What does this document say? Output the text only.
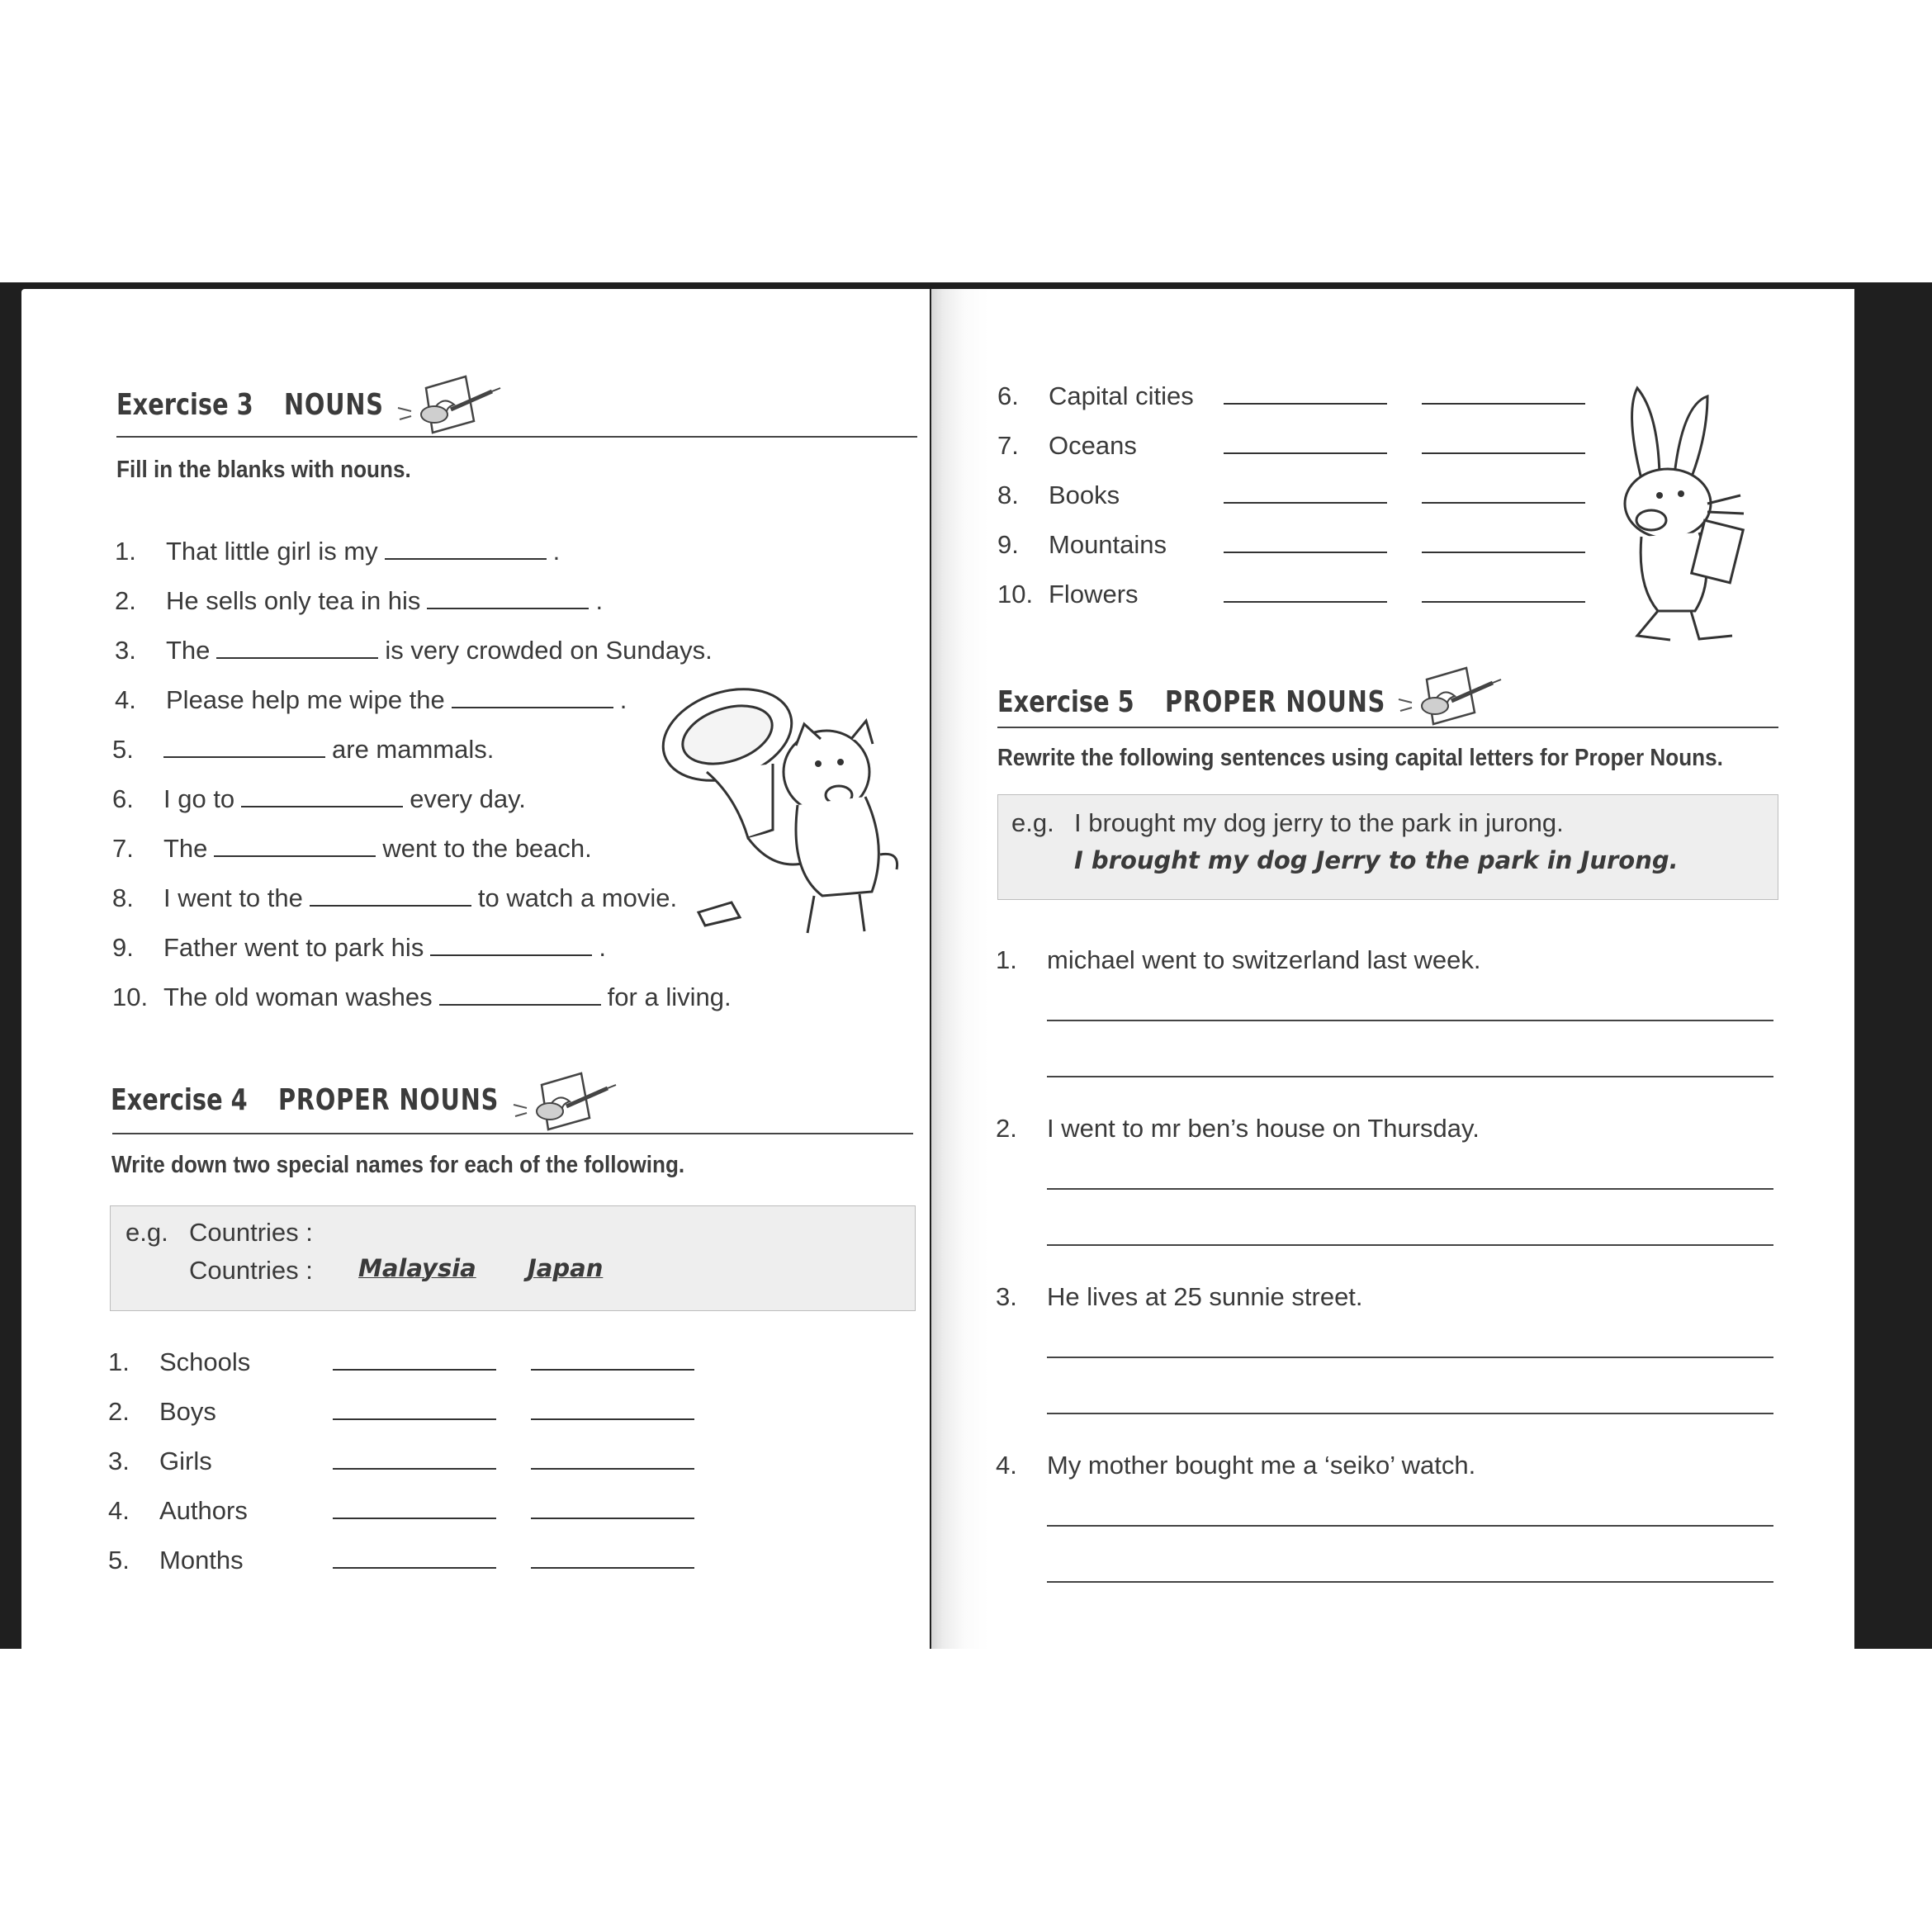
Exercise 3 NOUNS
Fill in the blanks with nouns.
1. That little girl is my	.
2. He sells only tea in his	.
3. The	is very crowded on Sundays.
4. Please help me wipe the	.
5.	are mammals.
6. I go to	every day.
7. The	went to the beach.
8. I went to the	to watch a movie.
9. Father went to park his	.
10. The old woman washes	for a living.
Exercise 4 PROPER NOUNS
Write down two special names for each of the following.
e.g. Countries :
Countries : Malaysia Japan
1. Schools
2. Boys
3. Girls
4. Authors
5. Months
6. Capital cities
7. Oceans
8. Books
9. Mountains
10. Flowers
Exercise 5 PROPER NOUNS
Rewrite the following sentences using capital letters for Proper Nouns.
e.g. I brought my dog jerry to the park in jurong.
I brought my dog Jerry to the park in Jurong.
1. michael went to switzerland last week.
2. I went to mr ben’s house on Thursday.
3. He lives at 25 sunnie street.
4. My mother bought me a ‘seiko’ watch.
